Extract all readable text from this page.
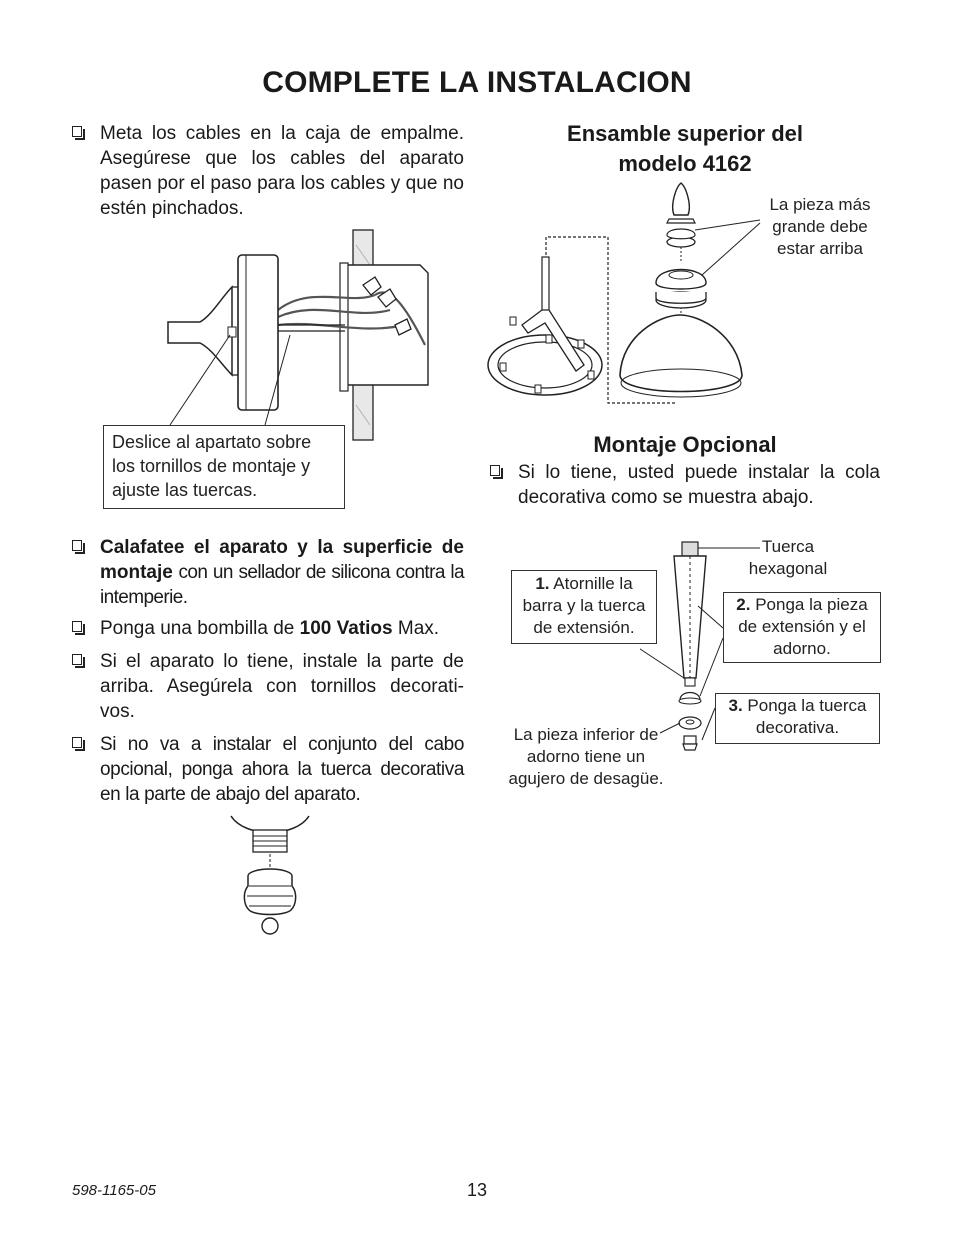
COMPLETE LA INSTALACION
Meta los cables en la caja de empalme. Asegúrese que los cables del aparato pasen por el paso para los cables y que no estén pinchados.
Deslice al apartato sobre los tornillos de montaje y ajuste las tuercas.
Calafatee el aparato y la superficie de montaje con un sellador de silicona contra la intemperie.
Ponga una bombilla de 100 Vatios Max.
Si el aparato lo tiene, instale la parte de arriba. Asegúrela con tornillos decorati-vos.
Si no va a instalar el conjunto del cabo opcional, ponga ahora la tuerca decorativa en la parte de abajo del aparato.
Ensamble superior del
modelo 4162
La pieza más grande debe estar arriba
Montaje Opcional
Si lo tiene, usted puede instalar la cola decorativa como se muestra abajo.
Tuerca hexagonal
1. Atornille la barra y la tuerca de extensión.
2. Ponga la pieza de extensión y el adorno.
3. Ponga la tuerca decorativa.
La pieza inferior de adorno tiene un agujero de desagüe.
598-1165-05	13
